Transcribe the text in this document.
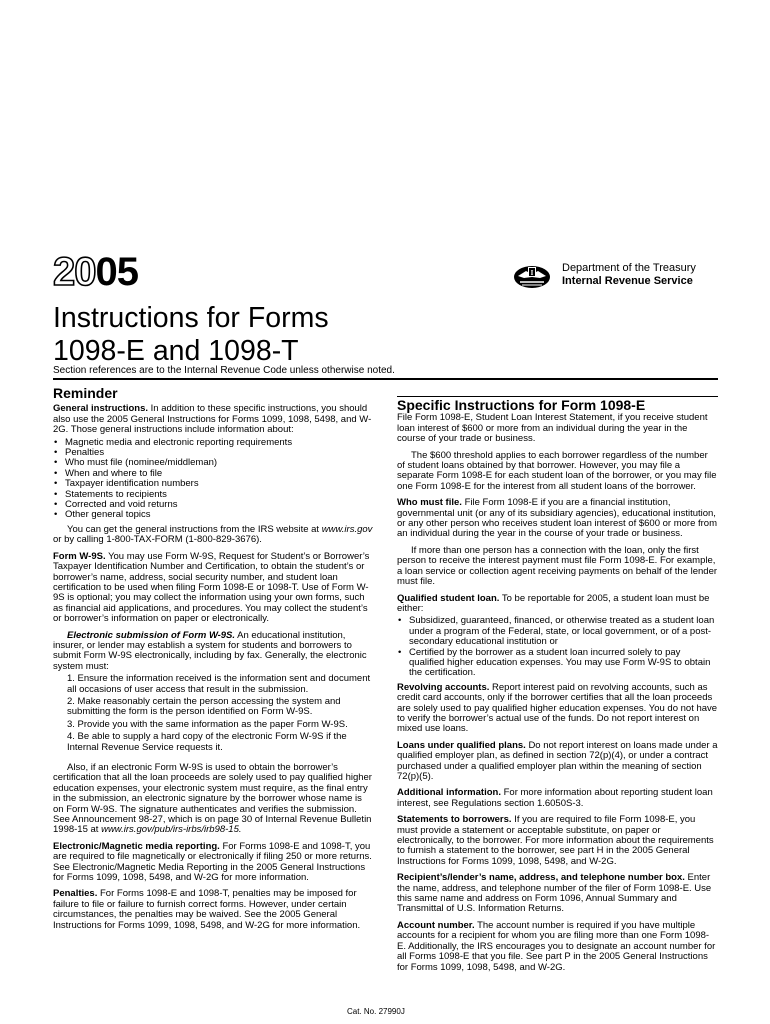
2005	I	Department of the Treasury
Internal Revenue Service
Instructions for Forms
1098-E and 1098-T
Section references are to the Internal Revenue Code unless otherwise noted.
Reminder

General instructions. In addition to these specific instructions, you should also use the 2005 General Instructions for Forms 1099, 1098, 5498, and W-2G. Those general instructions include information about:

• Magnetic media and electronic reporting requirements
• Penalties
• Who must file (nominee/middleman)
• When and where to file
• Taxpayer identification numbers
• Statements to recipients
• Corrected and void returns
• Other general topics

You can get the general instructions from the IRS website at www.irs.gov or by calling 1-800-TAX-FORM (1-800-829-3676).

Form W-9S. You may use Form W-9S, Request for Student’s or Borrower’s Taxpayer Identification Number and Certification, to obtain the student’s or borrower’s name, address, social security number, and student loan certification to be used when filing Form 1098-E or 1098-T. Use of Form W-9S is optional; you may collect the information using your own forms, such as financial aid applications, and procedures. You may collect the student’s or borrower’s information on paper or electronically.

Electronic submission of Form W-9S. An educational institution, insurer, or lender may establish a system for students and borrowers to submit Form W-9S electronically, including by fax. Generally, the electronic system must:

1. Ensure the information received is the information sent and document all occasions of user access that result in the submission.

2. Make reasonably certain the person accessing the system and submitting the form is the person identified on Form W-9S.

3. Provide you with the same information as the paper Form W-9S.

4. Be able to supply a hard copy of the electronic Form W-9S if the Internal Revenue Service requests it.

Also, if an electronic Form W-9S is used to obtain the borrower’s certification that all the loan proceeds are solely used to pay qualified higher education expenses, your electronic system must require, as the final entry in the submission, an electronic signature by the borrower whose name is on Form W-9S. The signature authenticates and verifies the submission. See Announcement 98-27, which is on page 30 of Internal Revenue Bulletin 1998-15 at www.irs.gov/pub/irs-irbs/irb98-15.

Electronic/Magnetic media reporting. For Forms 1098-E and 1098-T, you are required to file magnetically or electronically if filing 250 or more returns. See Electronic/Magnetic Media Reporting in the 2005 General Instructions for Forms 1099, 1098, 5498, and W-2G for more information.

Penalties. For Forms 1098-E and 1098-T, penalties may be imposed for failure to file or failure to furnish correct forms. However, under certain circumstances, the penalties may be waived. See the 2005 General Instructions for Forms 1099, 1098, 5498, and W-2G for more information.

Specific Instructions for Form 1098-E

File Form 1098-E, Student Loan Interest Statement, if you receive student loan interest of $600 or more from an individual during the year in the course of your trade or business.

The $600 threshold applies to each borrower regardless of the number of student loans obtained by that borrower. However, you may file a separate Form 1098-E for each student loan of the borrower, or you may file one Form 1098-E for the interest from all student loans of the borrower.

Who must file. File Form 1098-E if you are a financial institution, governmental unit (or any of its subsidiary agencies), educational institution, or any other person who receives student loan interest of $600 or more from an individual during the year in the course of your trade or business.

If more than one person has a connection with the loan, only the first person to receive the interest payment must file Form 1098-E. For example, a loan service or collection agent receiving payments on behalf of the lender must file.

Qualified student loan. To be reportable for 2005, a student loan must be either:

• Subsidized, guaranteed, financed, or otherwise treated as a student loan under a program of the Federal, state, or local government, or of a post-secondary educational institution or
• Certified by the borrower as a student loan incurred solely to pay qualified higher education expenses. You may use Form W-9S to obtain the certification.

Revolving accounts. Report interest paid on revolving accounts, such as credit card accounts, only if the borrower certifies that all the loan proceeds are solely used to pay qualified higher education expenses. You do not have to verify the borrower’s actual use of the funds. Do not report interest on mixed use loans.

Loans under qualified plans. Do not report interest on loans made under a qualified employer plan, as defined in section 72(p)(4), or under a contract purchased under a qualified employer plan within the meaning of section 72(p)(5).

Additional information. For more information about reporting student loan interest, see Regulations section 1.6050S-3.

Statements to borrowers. If you are required to file Form 1098-E, you must provide a statement or acceptable substitute, on paper or electronically, to the borrower. For more information about the requirements to furnish a statement to the borrower, see part H in the 2005 General Instructions for Forms 1099, 1098, 5498, and W-2G.

Recipient’s/lender’s name, address, and telephone number box. Enter the name, address, and telephone number of the filer of Form 1098-E. Use this same name and address on Form 1096, Annual Summary and Transmittal of U.S. Information Returns.

Account number. The account number is required if you have multiple accounts for a recipient for whom you are filing more than one Form 1098-E. Additionally, the IRS encourages you to designate an account number for all Forms 1098-E that you file. See part P in the 2005 General Instructions for Forms 1099, 1098, 5498, and W-2G.

Cat. No. 27990J
